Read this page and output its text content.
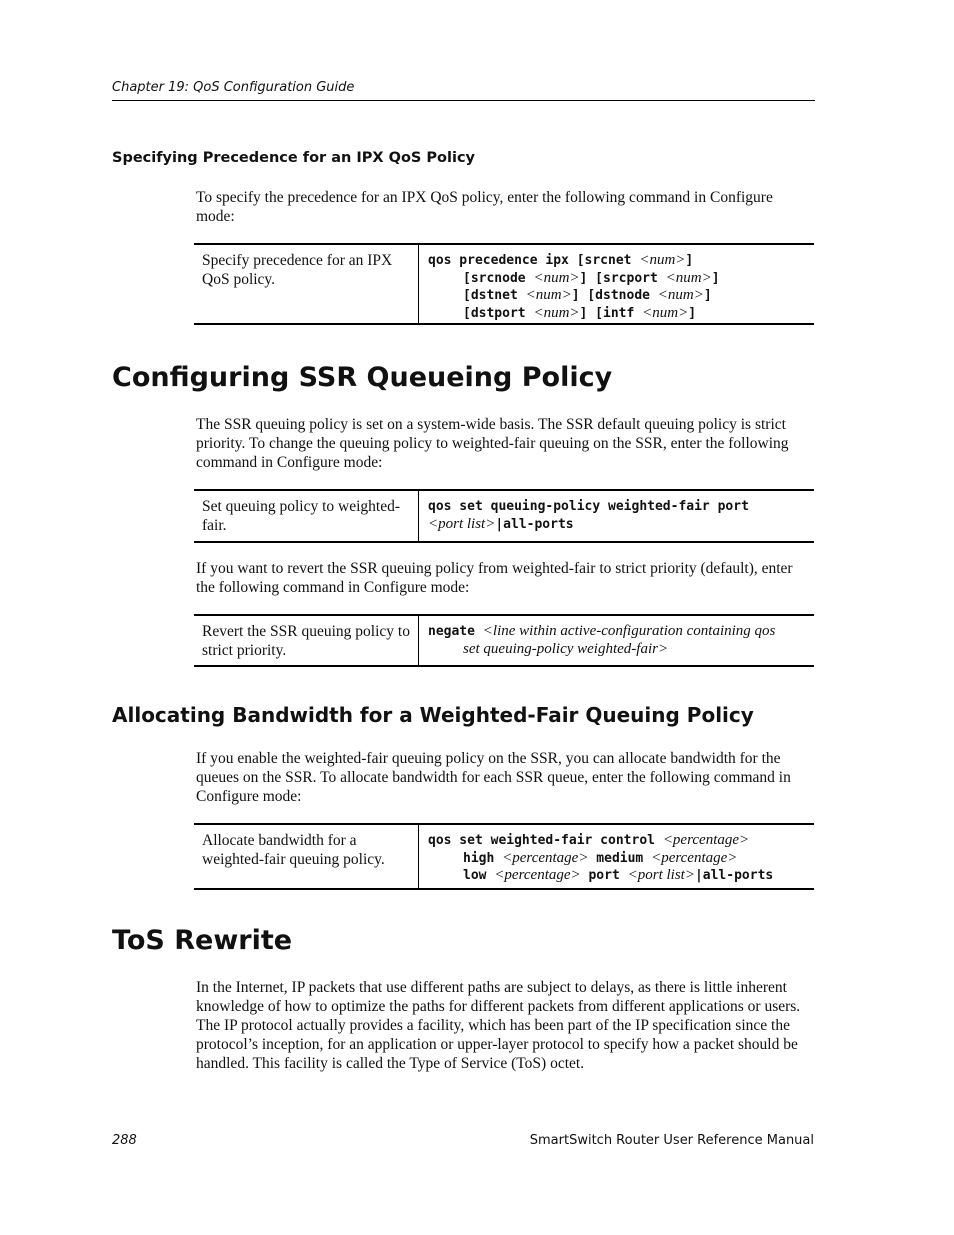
Chapter 19: QoS Configuration Guide
Specifying Precedence for an IPX QoS Policy
To specify the precedence for an IPX QoS policy, enter the following command in Configure mode:
Specify precedence for an IPX QoS policy.
qos precedence ipx [srcnet <num>]
[srcnode <num>] [srcport <num>]
[dstnet <num>] [dstnode <num>]
[dstport <num>] [intf <num>]
Configuring SSR Queueing Policy
The SSR queuing policy is set on a system-wide basis. The SSR default queuing policy is strict priority. To change the queuing policy to weighted-fair queuing on the SSR, enter the following command in Configure mode:
Set queuing policy to weighted-fair.
qos set queuing-policy weighted-fair port
<port list>|all-ports
If you want to revert the SSR queuing policy from weighted-fair to strict priority (default), enter the following command in Configure mode:
Revert the SSR queuing policy to strict priority.
negate <line within active-configuration containing qos
set queuing-policy weighted-fair>
Allocating Bandwidth for a Weighted-Fair Queuing Policy
If you enable the weighted-fair queuing policy on the SSR, you can allocate bandwidth for the queues on the SSR. To allocate bandwidth for each SSR queue, enter the following command in Configure mode:
Allocate bandwidth for a weighted-fair queuing policy.
qos set weighted-fair control <percentage>
high <percentage> medium <percentage>
low <percentage> port <port list>|all-ports
ToS Rewrite
In the Internet, IP packets that use different paths are subject to delays, as there is little inherent knowledge of how to optimize the paths for different packets from different applications or users. The IP protocol actually provides a facility, which has been part of the IP specification since the protocol’s inception, for an application or upper-layer protocol to specify how a packet should be handled. This facility is called the Type of Service (ToS) octet.
288	SmartSwitch Router User Reference Manual
